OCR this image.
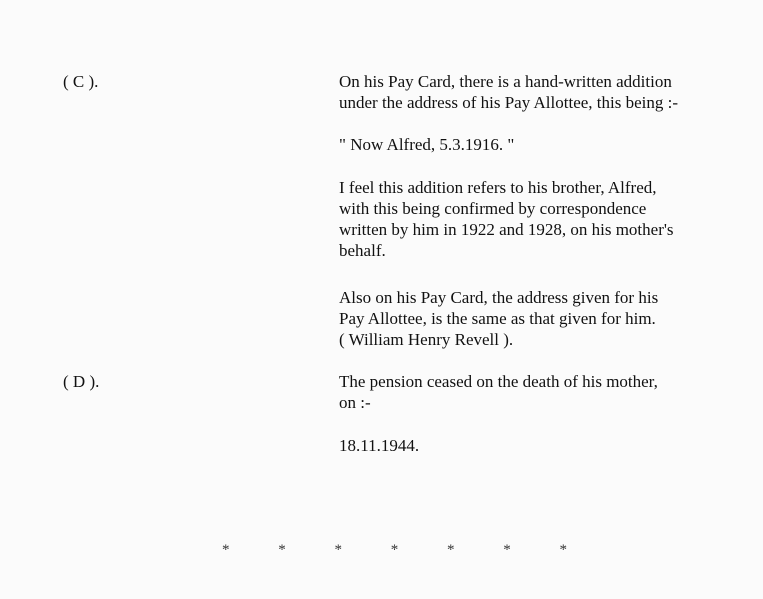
( C ).	On his Pay Card, there is a hand-written addition
under the address of his Pay Allottee, this being :-

" Now Alfred, 5.3.1916. "

I feel this addition refers to his brother, Alfred,
with this being confirmed by correspondence
written by him in 1922 and 1928, on his mother's
behalf.

Also on his Pay Card, the address given for his
Pay Allottee, is the same as that given for him.
( William Henry Revell ).

( D ).	The pension ceased on the death of his mother,
on :-

18.11.1944.

*	*	*	*	*	*	*
